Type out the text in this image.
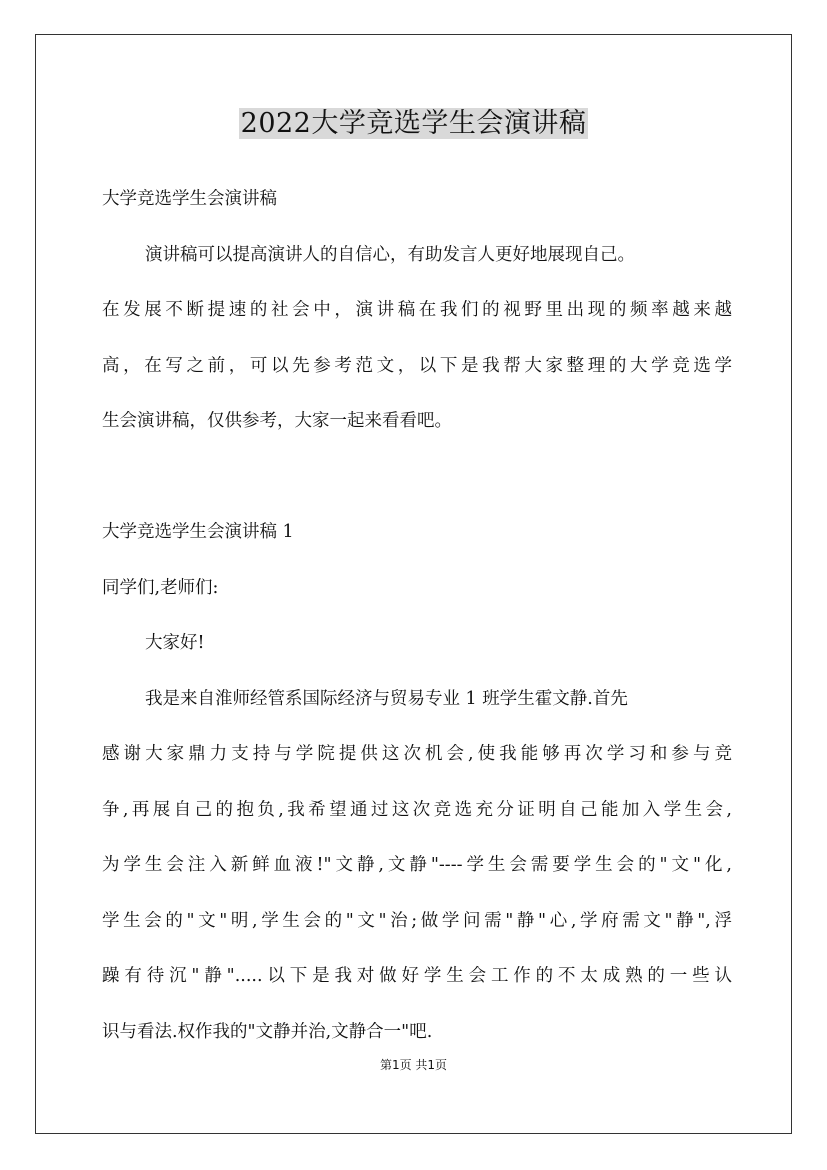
2022大学竞选学生会演讲稿
大学竞选学生会演讲稿
演讲稿可以提高演讲人的自信心，有助发言人更好地展现自己。
在发展不断提速的社会中，演讲稿在我们的视野里出现的频率越来越
高，在写之前，可以先参考范文，以下是我帮大家整理的大学竞选学
生会演讲稿，仅供参考，大家一起来看看吧。
大学竞选学生会演讲稿 1
同学们,老师们:
大家好!
我是来自淮师经管系国际经济与贸易专业 1 班学生霍文静.首先
感谢大家鼎力支持与学院提供这次机会,使我能够再次学习和参与竞
争,再展自己的抱负,我希望通过这次竞选充分证明自己能加入学生会,
为学生会注入新鲜血液!"文静,文静"----学生会需要学生会的"文"化,
学生会的"文"明,学生会的"文"治;做学问需"静"心,学府需文"静",浮
躁有待沉"静".....以下是我对做好学生会工作的不太成熟的一些认
识与看法.权作我的"文静并治,文静合一"吧.
第1页 共1页
